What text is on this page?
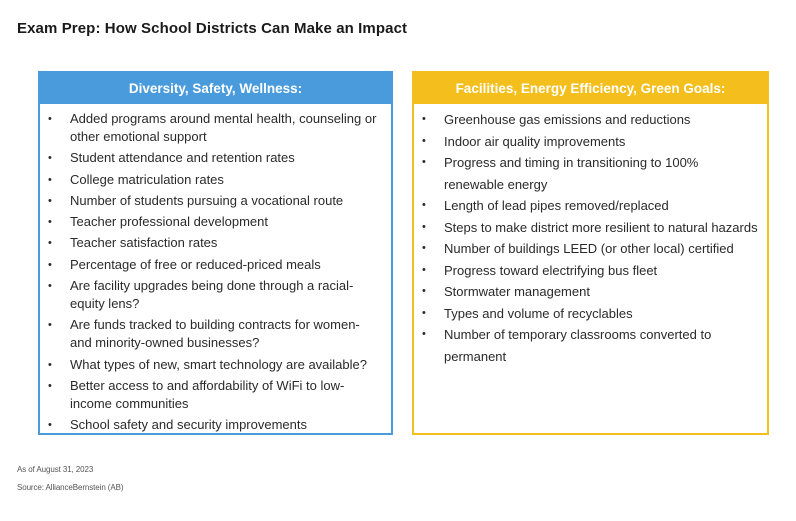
Exam Prep: How School Districts Can Make an Impact
Diversity, Safety, Wellness:
• Added programs around mental health, counseling or other emotional support
• Student attendance and retention rates
• College matriculation rates
• Number of students pursuing a vocational route
• Teacher professional development
• Teacher satisfaction rates
• Percentage of free or reduced-priced meals
• Are facility upgrades being done through a racial-equity lens?
• Are funds tracked to building contracts for women- and minority-owned businesses?
• What types of new, smart technology are available?
• Better access to and affordability of WiFi to low-income communities
• School safety and security improvements
Facilities, Energy Efficiency, Green Goals:
• Greenhouse gas emissions and reductions
• Indoor air quality improvements
• Progress and timing in transitioning to 100% renewable energy
• Length of lead pipes removed/replaced
• Steps to make district more resilient to natural hazards
• Number of buildings LEED (or other local) certified
• Progress toward electrifying bus fleet
• Stormwater management
• Types and volume of recyclables
• Number of temporary classrooms converted to permanent
As of August 31, 2023
Source: AllianceBernstein (AB)
